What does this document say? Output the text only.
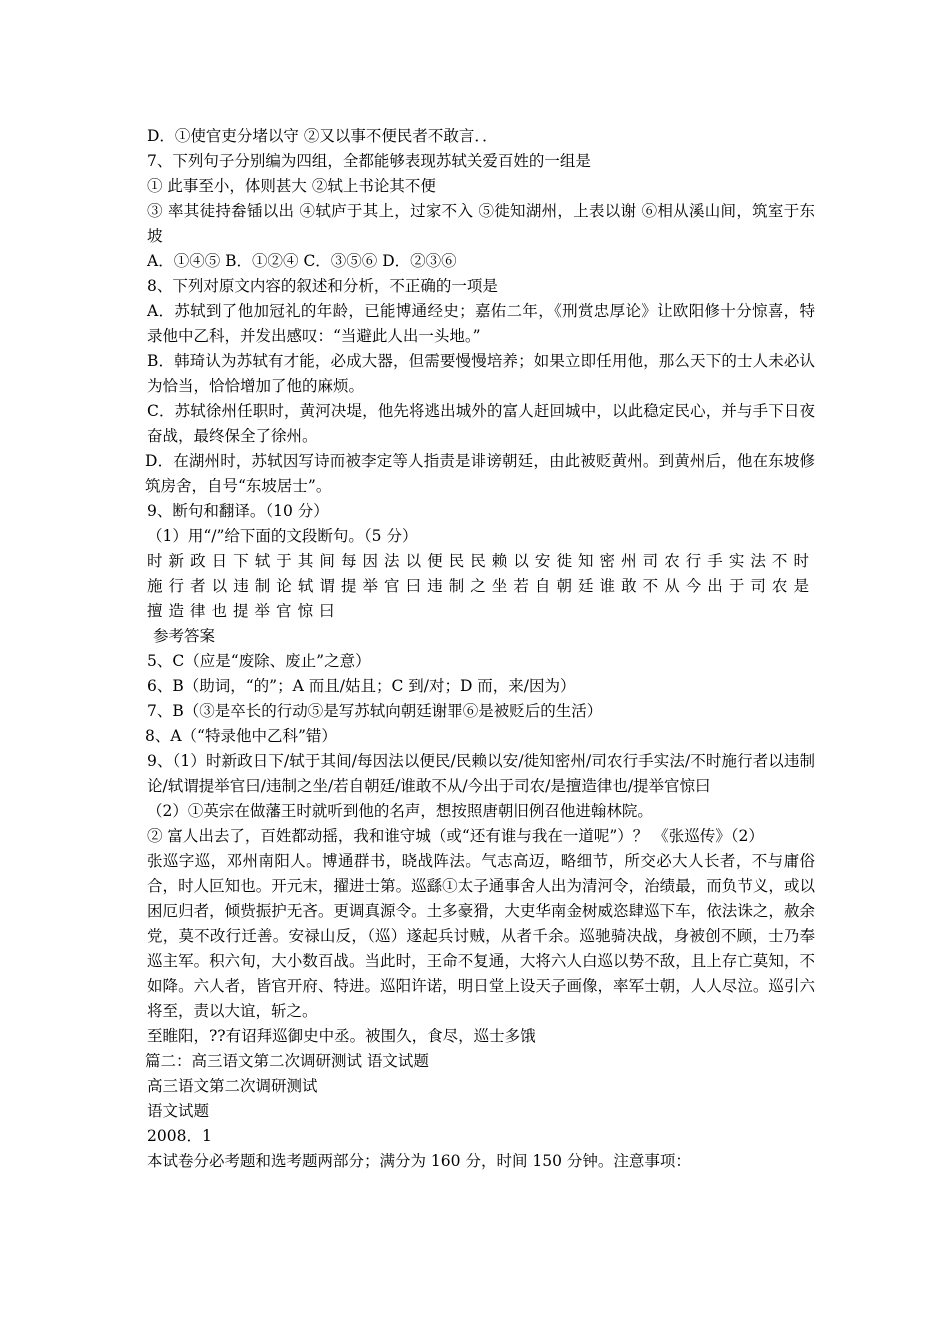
D．①使官吏分堵以守 ②又以事不便民者不敢言．．
7、下列句子分别编为四组，全都能够表现苏轼关爱百姓的一组是
① 此事至小，体则甚大 ②轼上书论其不便
③ 率其徒持畚锸以出 ④轼庐于其上，过家不入 ⑤徙知湖州，上表以谢 ⑥相从溪山间，筑室于东坡
A．①④⑤ B．①②④ C．③⑤⑥ D．②③⑥
8、下列对原文内容的叙述和分析，不正确的一项是
A．苏轼到了他加冠礼的年龄，已能博通经史；嘉佑二年，《刑赏忠厚论》让欧阳修十分惊喜，特录他中乙科，并发出感叹：“当避此人出一头地。”
B．韩琦认为苏轼有才能，必成大器，但需要慢慢培养；如果立即任用他，那么天下的士人未必认为恰当，恰恰增加了他的麻烦。
C．苏轼徐州任职时，黄河决堤，他先将逃出城外的富人赶回城中，以此稳定民心，并与手下日夜奋战，最终保全了徐州。
D．在湖州时，苏轼因写诗而被李定等人指责是诽谤朝廷，由此被贬黄州。到黄州后，他在东坡修筑房舍，自号“东坡居士”。
9、断句和翻译。（10 分）
（1）用“/”给下面的文段断句。（5 分）
时新政日下轼于其间每因法以便民民赖以安徙知密州司农行手实法不时施行者以违制论轼谓提举官曰违制之坐若自朝廷谁敢不从今出于司农是擅造律也提举官惊曰
参考答案
5、C（应是“废除、废止”之意）
6、B（助词，“的”；A 而且/姑且；C 到/对；D 而，来/因为）
7、B（③是卒长的行动⑤是写苏轼向朝廷谢罪⑥是被贬后的生活）
8、A（“特录他中乙科”错）
9、（1）时新政日下/轼于其间/每因法以便民/民赖以安/徙知密州/司农行手实法/不时施行者以违制论/轼谓提举官曰/违制之坐/若自朝廷/谁敢不从/今出于司农/是擅造律也/提举官惊曰
（2）①英宗在做藩王时就听到他的名声，想按照唐朝旧例召他进翰林院。
② 富人出去了，百姓都动摇，我和谁守城（或“还有谁与我在一道呢”）？ 《张巡传》（2）
张巡字巡，邓州南阳人。博通群书，晓战阵法。气志高迈，略细节，所交必大人长者，不与庸俗合，时人叵知也。开元末，擢进士第。巡繇①太子通事舍人出为清河令，治绩最，而负节义，或以困厄归者，倾赀振护无吝。更调真源令。土多豪猾，大吏华南金树威恣肆巡下车，依法诛之，赦余党，莫不改行迁善。安禄山反，（巡）遂起兵讨贼，从者千余。巡驰骑决战，身被创不顾，士乃奉巡主军。积六旬，大小数百战。当此时，王命不复通，大将六人白巡以势不敌，且上存亡莫知，不如降。六人者，皆官开府、特进。巡阳许诺，明日堂上设天子画像，率军士朝，人人尽泣。巡引六将至，责以大谊，斩之。
至睢阳，??有诏拜巡御史中丞。被围久，食尽，巡士多饿
篇二：高三语文第二次调研测试 语文试题
高三语文第二次调研测试
语文试题
2008．1
本试卷分必考题和选考题两部分；满分为 160 分，时间 150 分钟。注意事项：
